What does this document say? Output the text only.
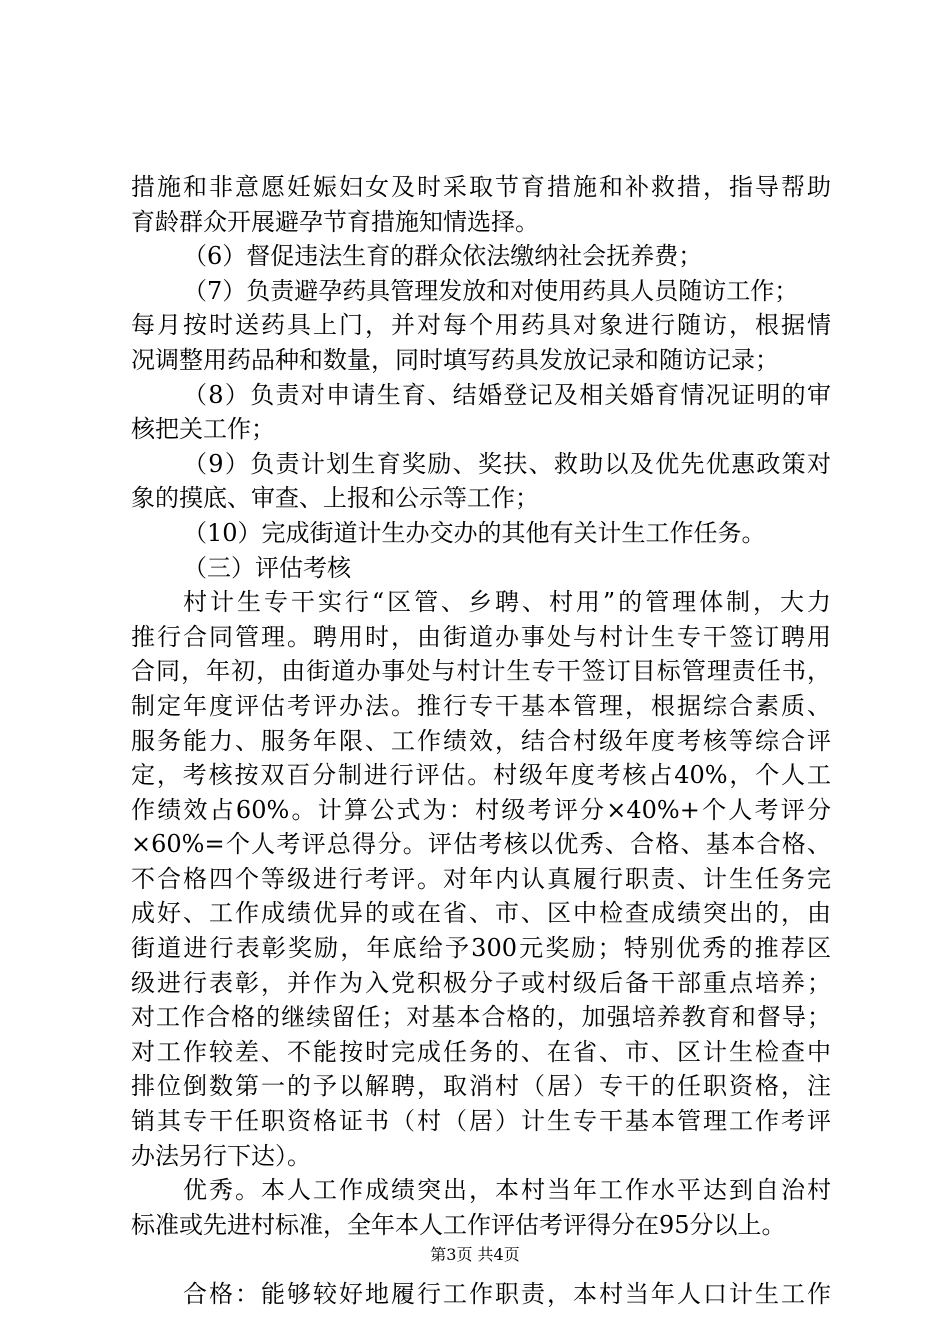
措施和非意愿妊娠妇女及时采取节育措施和补救措，指导帮助
育龄群众开展避孕节育措施知情选择。
（6）督促违法生育的群众依法缴纳社会抚养费；
（7）负责避孕药具管理发放和对使用药具人员随访工作；
每月按时送药具上门，并对每个用药具对象进行随访，根据情
况调整用药品种和数量，同时填写药具发放记录和随访记录；
（8）负责对申请生育、结婚登记及相关婚育情况证明的审
核把关工作；
（9）负责计划生育奖励、奖扶、救助以及优先优惠政策对
象的摸底、审查、上报和公示等工作；
（10）完成街道计生办交办的其他有关计生工作任务。
（三）评估考核
村计生专干实行“区管、乡聘、村用”的管理体制，大力
推行合同管理。聘用时，由街道办事处与村计生专干签订聘用
合同，年初，由街道办事处与村计生专干签订目标管理责任书，
制定年度评估考评办法。推行专干基本管理，根据综合素质、
服务能力、服务年限、工作绩效，结合村级年度考核等综合评
定，考核按双百分制进行评估。村级年度考核占40%，个人工
作绩效占60%。计算公式为：村级考评分×40%+个人考评分
×60%=个人考评总得分。评估考核以优秀、合格、基本合格、
不合格四个等级进行考评。对年内认真履行职责、计生任务完
成好、工作成绩优异的或在省、市、区中检查成绩突出的，由
街道进行表彰奖励，年底给予300元奖励；特别优秀的推荐区
级进行表彰，并作为入党积极分子或村级后备干部重点培养；
对工作合格的继续留任；对基本合格的，加强培养教育和督导；
对工作较差、不能按时完成任务的、在省、市、区计生检查中
排位倒数第一的予以解聘，取消村（居）专干的任职资格，注
销其专干任职资格证书（村（居）计生专干基本管理工作考评
办法另行下达）。
优秀。本人工作成绩突出，本村当年工作水平达到自治村
标准或先进村标准，全年本人工作评估考评得分在95分以上。
合格：能够较好地履行工作职责，本村当年人口计生工作
第3页 共4页
